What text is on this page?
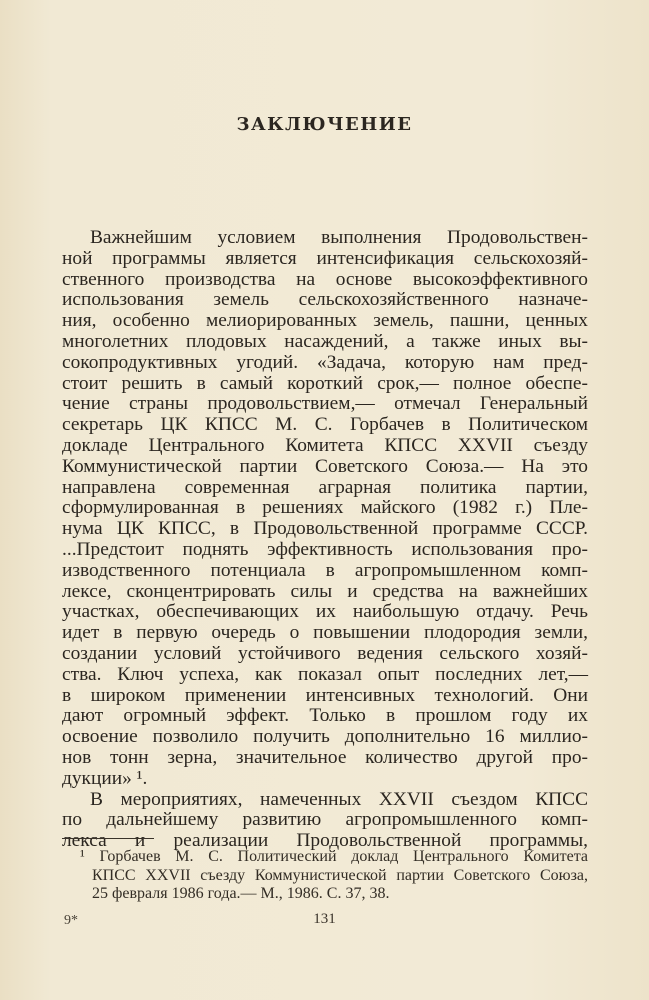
ЗАКЛЮЧЕНИЕ
Важнейшим условием выполнения Продовольствен-
ной программы является интенсификация сельскохозяй-
ственного производства на основе высокоэффективного
использования земель сельскохозяйственного назначе-
ния, особенно мелиорированных земель, пашни, ценных
многолетних плодовых насаждений, а также иных вы-
сокопродуктивных угодий. «Задача, которую нам пред-
стоит решить в самый короткий срок,— полное обеспе-
чение страны продовольствием,— отмечал Генеральный
секретарь ЦК КПСС М. С. Горбачев в Политическом
докладе Центрального Комитета КПСС XXVII съезду
Коммунистической партии Советского Союза.— На это
направлена современная аграрная политика партии,
сформулированная в решениях майского (1982 г.) Пле-
нума ЦК КПСС, в Продовольственной программе СССР.
...Предстоит поднять эффективность использования про-
изводственного потенциала в агропромышленном комп-
лексе, сконцентрировать силы и средства на важнейших
участках, обеспечивающих их наибольшую отдачу. Речь
идет в первую очередь о повышении плодородия земли,
создании условий устойчивого ведения сельского хозяй-
ства. Ключ успеха, как показал опыт последних лет,—
в широком применении интенсивных технологий. Они
дают огромный эффект. Только в прошлом году их
освоение позволило получить дополнительно 16 миллио-
нов тонн зерна, значительное количество другой про-
дукции» ¹.
В мероприятиях, намеченных XXVII съездом КПСС
по дальнейшему развитию агропромышленного комп-
лекса и реализации Продовольственной программы,
¹ Горбачев М. С. Политический доклад Центрального Комитета
КПСС XXVII съезду Коммунистической партии Советского Союза,
25 февраля 1986 года.— М., 1986. С. 37, 38.
9*	131
